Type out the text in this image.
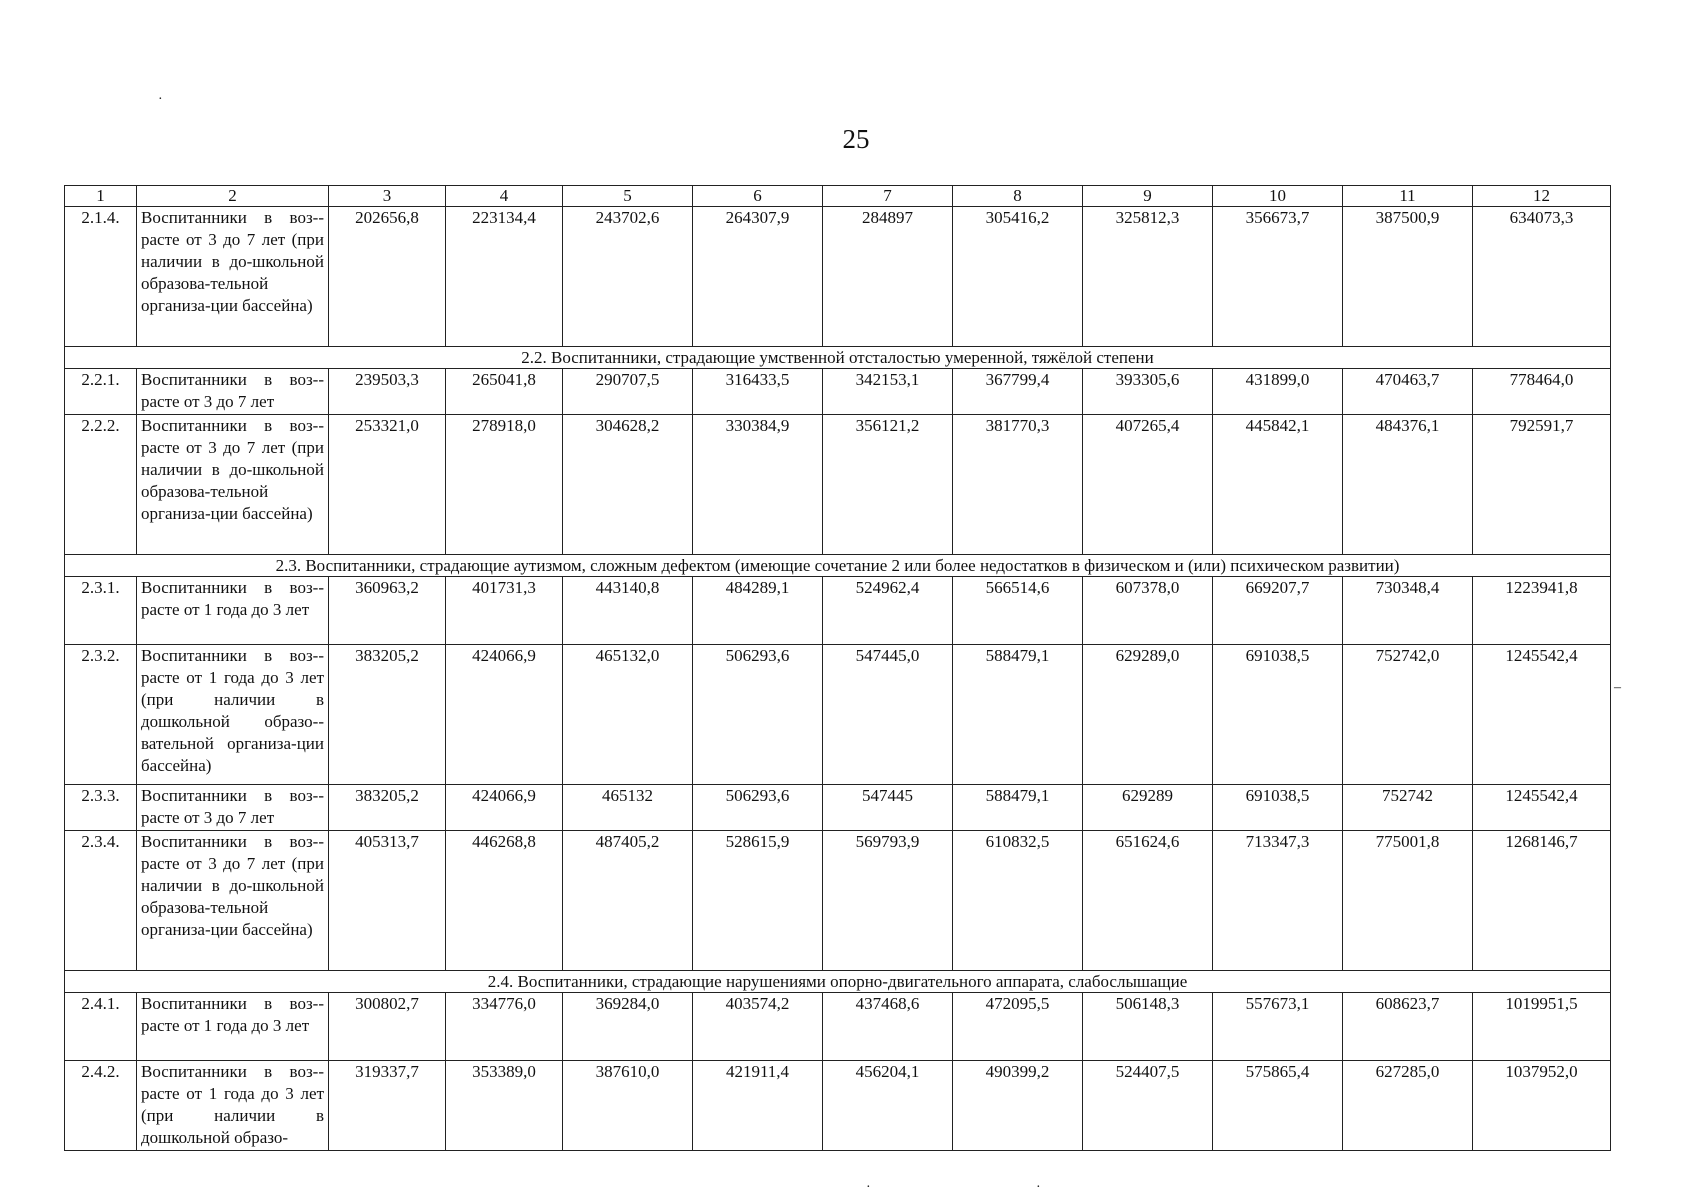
25
1	2	3	4	5	6	7	8	9	10	11	12
2.1.4.	Воспитанники в воз-расте от 3 до 7 лет (при наличии в до-школьной образова-тельной организа-ции бассейна)	202656,8	223134,4	243702,6	264307,9	284897	305416,2	325812,3	356673,7	387500,9	634073,3
2.2. Воспитанники, страдающие умственной отсталостью умеренной, тяжёлой степени											
2.2.1.	Воспитанники в воз-расте от 3 до 7 лет	239503,3	265041,8	290707,5	316433,5	342153,1	367799,4	393305,6	431899,0	470463,7	778464,0
2.2.2.	Воспитанники в воз-расте от 3 до 7 лет (при наличии в до-школьной образова-тельной организа-ции бассейна)	253321,0	278918,0	304628,2	330384,9	356121,2	381770,3	407265,4	445842,1	484376,1	792591,7
2.3. Воспитанники, страдающие аутизмом, сложным дефектом (имеющие сочетание 2 или более недостатков в физическом и (или) психическом развитии)											
2.3.1.	Воспитанники в воз-расте от 1 года до 3 лет	360963,2	401731,3	443140,8	484289,1	524962,4	566514,6	607378,0	669207,7	730348,4	1223941,8
2.3.2.	Воспитанники в воз-расте от 1 года до 3 лет (при наличии в дошкольной образо-вательной организа-ции бассейна)	383205,2	424066,9	465132,0	506293,6	547445,0	588479,1	629289,0	691038,5	752742,0	1245542,4
2.3.3.	Воспитанники в воз-расте от 3 до 7 лет	383205,2	424066,9	465132	506293,6	547445	588479,1	629289	691038,5	752742	1245542,4
2.3.4.	Воспитанники в воз-расте от 3 до 7 лет (при наличии в до-школьной образова-тельной организа-ции бассейна)	405313,7	446268,8	487405,2	528615,9	569793,9	610832,5	651624,6	713347,3	775001,8	1268146,7
2.4. Воспитанники, страдающие нарушениями опорно-двигательного аппарата, слабослышащие											
2.4.1.	Воспитанники в воз-расте от 1 года до 3 лет	300802,7	334776,0	369284,0	403574,2	437468,6	472095,5	506148,3	557673,1	608623,7	1019951,5
2.4.2.	Воспитанники в воз-расте от 1 года до 3 лет (при наличии в дошкольной образо-	319337,7	353389,0	387610,0	421911,4	456204,1	490399,2	524407,5	575865,4	627285,0	1037952,0
·
–
·	·
